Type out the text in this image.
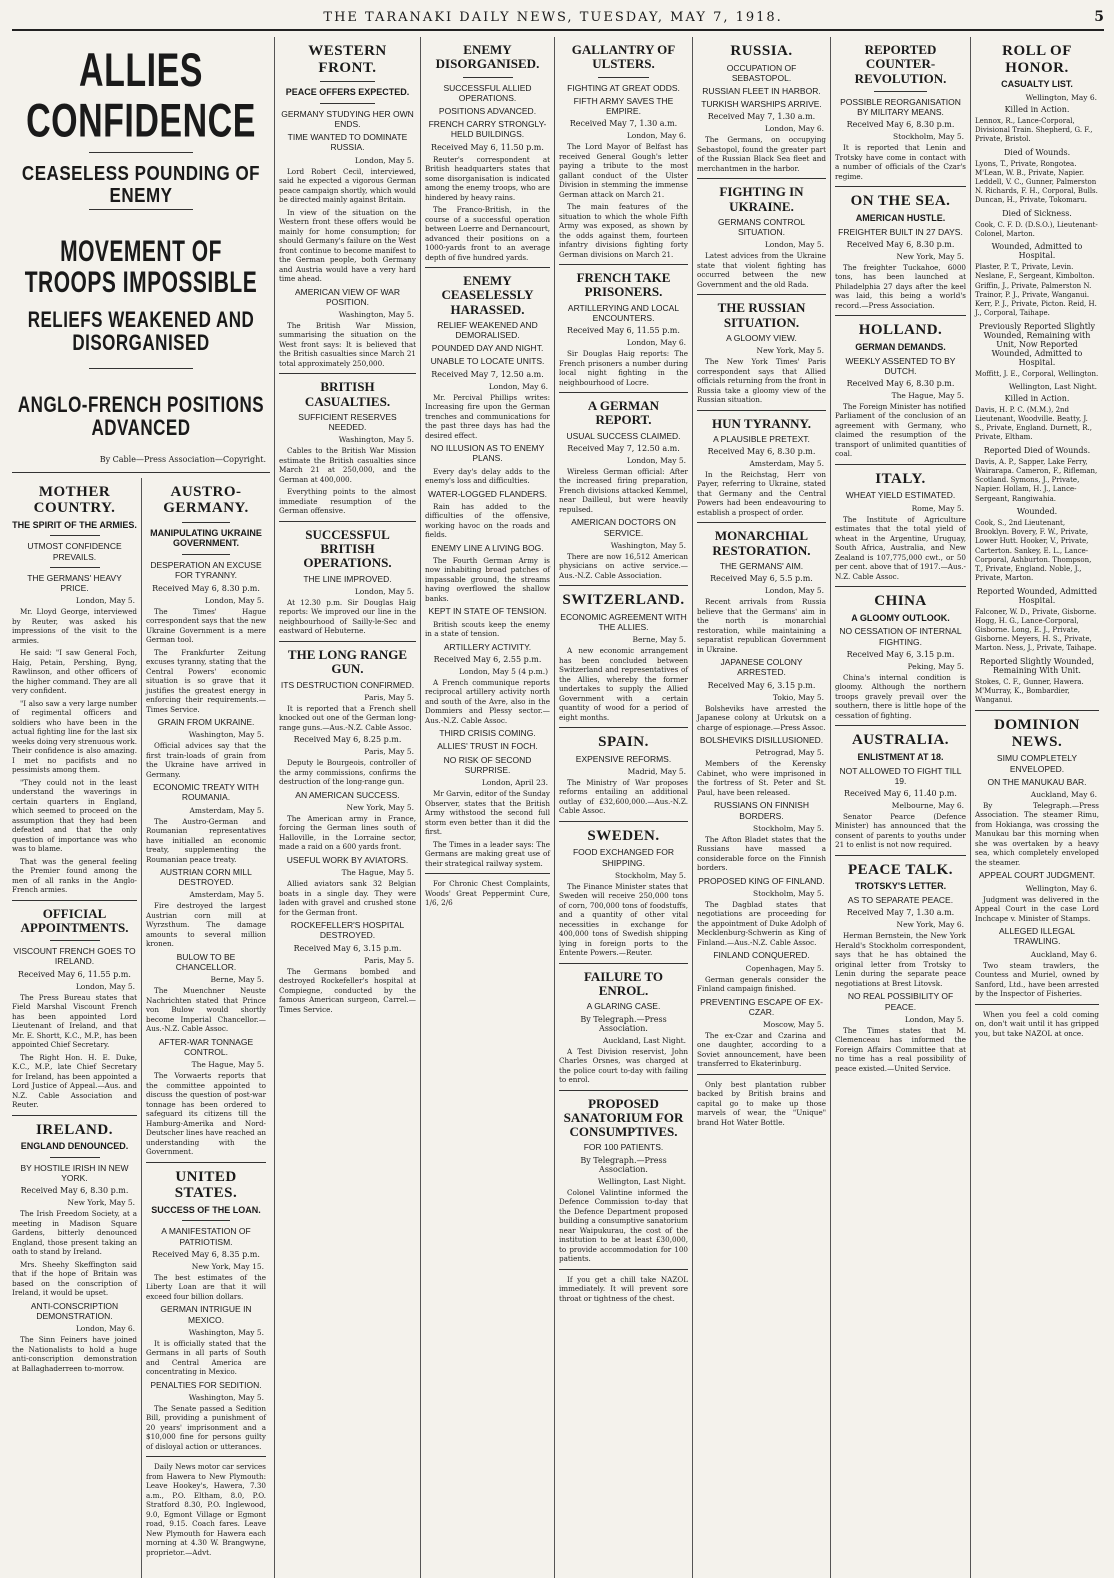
THE TARANAKI DAILY NEWS, TUESDAY, MAY 7, 1918.	5
ALLIES CONFIDENCE
CEASELESS POUNDING OF ENEMY
MOVEMENT OF TROOPS IMPOSSIBLE
RELIEFS WEAKENED AND DISORGANISED
ANGLO-FRENCH POSITIONS ADVANCED
By Cable—Press Association—Copyright.
MOTHER COUNTRY.
THE SPIRIT OF THE ARMIES.
UTMOST CONFIDENCE PREVAILS.
THE GERMANS' HEAVY PRICE.
London, May 5.

Mr. Lloyd George, interviewed by Reuter, was asked his impressions of the visit to the armies.

He said: "I saw General Foch, Haig, Petain, Pershing, Byng, Rawlinson, and other officers of the higher command. They are all very confident.

"I also saw a very large number of regimental officers and soldiers who have been in the actual fighting line for the last six weeks doing very strenuous work. Their confidence is also amazing. I met no pacifists and no pessimists among them.

"They could not in the least understand the waverings in certain quarters in England, which seemed to proceed on the assumption that they had been defeated and that the only question of importance was who was to blame.

That was the general feeling the Premier found among the men of all ranks in the Anglo-French armies.

OFFICIAL APPOINTMENTS.
VISCOUNT FRENCH GOES TO IRELAND.
Received May 6, 11.55 p.m.
London, May 5.

The Press Bureau states that Field Marshal Viscount French has been appointed Lord Lieutenant of Ireland, and that Mr. E. Shortt, K.C., M.P., has been appointed Chief Secretary.

The Right Hon. H. E. Duke, K.C., M.P., late Chief Secretary for Ireland, has been appointed a Lord Justice of Appeal.—Aus. and N.Z. Cable Association and Reuter.

IRELAND.
ENGLAND DENOUNCED.
BY HOSTILE IRISH IN NEW YORK.
Received May 6, 8.30 p.m.
New York, May 5.

The Irish Freedom Society, at a meeting in Madison Square Gardens, bitterly denounced England, those present taking an oath to stand by Ireland.

Mrs. Sheehy Skeffington said that if the hope of Britain was based on the conscription of Ireland, it would be upset.

ANTI-CONSCRIPTION DEMONSTRATION.
London, May 6.

The Sinn Feiners have joined the Nationalists to hold a huge anti-conscription demonstration at Ballaghaderreen to-morrow.

AUSTRO-GERMANY.
MANIPULATING UKRAINE GOVERNMENT.
DESPERATION AN EXCUSE FOR TYRANNY.
Received May 6, 8.30 p.m.
London, May 5.

The Times' Hague correspondent says that the new Ukraine Government is a mere German tool.

The Frankfurter Zeitung excuses tyranny, stating that the Central Powers' economic situation is so grave that it justifies the greatest energy in enforcing their requirements.—Times Service.

GRAIN FROM UKRAINE.
Washington, May 5.

Official advices say that the first train-loads of grain from the Ukraine have arrived in Germany.

ECONOMIC TREATY WITH ROUMANIA.
Amsterdam, May 5.

The Austro-German and Roumanian representatives have initialled an economic treaty, supplementing the Roumanian peace treaty.

AUSTRIAN CORN MILL DESTROYED.
Amsterdam, May 5.

Fire destroyed the largest Austrian corn mill at Wyrzsthum. The damage amounts to several million kronen.

BULOW TO BE CHANCELLOR.
Berne, May 5.

The Muenchner Neuste Nachrichten stated that Prince von Bulow would shortly become Imperial Chancellor.—Aus.-N.Z. Cable Assoc.

AFTER-WAR TONNAGE CONTROL.
The Hague, May 5.

The Vorwaerts reports that the committee appointed to discuss the question of post-war tonnage has been ordered to safeguard its citizens till the Hamburg-Amerika and Nord-Deutscher lines have reached an understanding with the Government.

UNITED STATES.
SUCCESS OF THE LOAN.
A MANIFESTATION OF PATRIOTISM.
Received May 6, 8.35 p.m.
New York, May 15.

The best estimates of the Liberty Loan are that it will exceed four billion dollars.

GERMAN INTRIGUE IN MEXICO.
Washington, May 5.

It is officially stated that the Germans in all parts of South and Central America are concentrating in Mexico.

PENALTIES FOR SEDITION.
Washington, May 5.

The Senate passed a Sedition Bill, providing a punishment of 20 years' imprisonment and a $10,000 fine for persons guilty of disloyal action or utterances.

Daily News motor car services from Hawera to New Plymouth: Leave Hookey's, Hawera, 7.30 a.m., P.O. Eltham, 8.0, P.O. Stratford 8.30, P.O. Inglewood, 9.0, Egmont Village or Egmont road, 9.15. Coach fares. Leave New Plymouth for Hawera each morning at 4.30 W. Brangwyne, proprietor.—Advt.

WESTERN FRONT.
PEACE OFFERS EXPECTED.
GERMANY STUDYING HER OWN ENDS.
TIME WANTED TO DOMINATE RUSSIA.
London, May 5.

Lord Robert Cecil, interviewed, said he expected a vigorous German peace campaign shortly, which would be directed mainly against Britain.

In view of the situation on the Western front these offers would be mainly for home consumption; for should Germany's failure on the West front continue to become manifest to the German people, both Germany and Austria would have a very hard time ahead.

AMERICAN VIEW OF WAR POSITION.
Washington, May 5.

The British War Mission, summarising the situation on the West front says: It is believed that the British casualties since March 21 total approximately 250,000.

BRITISH CASUALTIES.
SUFFICIENT RESERVES NEEDED.
Washington, May 5.

Cables to the British War Mission estimate the British casualties since March 21 at 250,000, and the German at 400,000.

Everything points to the almost immediate resumption of the German offensive.

SUCCESSFUL BRITISH OPERATIONS.
THE LINE IMPROVED.
London, May 5.

At 12.30 p.m. Sir Douglas Haig reports: We improved our line in the neighbourhood of Sailly-le-Sec and eastward of Hebuterne.

THE LONG RANGE GUN.
ITS DESTRUCTION CONFIRMED.
Paris, May 5.

It is reported that a French shell knocked out one of the German long-range guns.—Aus.-N.Z. Cable Assoc.

Received May 6, 8.25 p.m.
Paris, May 5.

Deputy le Bourgeois, controller of the army commissions, confirms the destruction of the long-range gun.

AN AMERICAN SUCCESS.
New York, May 5.

The American army in France, forcing the German lines south of Halloville, in the Lorraine sector, made a raid on a 600 yards front.

USEFUL WORK BY AVIATORS.
The Hague, May 5.

Allied aviators sank 32 Belgian boats in a single day. They were laden with gravel and crushed stone for the German front.

ROCKEFELLER'S HOSPITAL DESTROYED.
Received May 6, 3.15 p.m.
Paris, May 5.

The Germans bombed and destroyed Rockefeller's hospital at Compiegne, conducted by the famous American surgeon, Carrel.—Times Service.

ENEMY DISORGANISED.
SUCCESSFUL ALLIED OPERATIONS.
POSITIONS ADVANCED.
FRENCH CARRY STRONGLY-HELD BUILDINGS.
Received May 6, 11.50 p.m.

Reuter's correspondent at British headquarters states that some disorganisation is indicated among the enemy troops, who are hindered by heavy rains.

The Franco-British, in the course of a successful operation between Loerre and Dernancourt, advanced their positions on a 1000-yards front to an average depth of five hundred yards.

ENEMY CEASELESSLY HARASSED.
RELIEF WEAKENED AND DEMORALISED.
POUNDED DAY AND NIGHT.
UNABLE TO LOCATE UNITS.
Received May 7, 12.50 a.m.
London, May 6.

Mr. Percival Phillips writes: Increasing fire upon the German trenches and communications for the past three days has had the desired effect.

NO ILLUSION AS TO ENEMY PLANS.

Every day's delay adds to the enemy's loss and difficulties.

WATER-LOGGED FLANDERS.

Rain has added to the difficulties of the offensive, working havoc on the roads and fields.

ENEMY LINE A LIVING BOG.

The Fourth German Army is now inhabiting broad patches of impassable ground, the streams having overflowed the shallow banks.

KEPT IN STATE OF TENSION.

British scouts keep the enemy in a state of tension.

ARTILLERY ACTIVITY.
Received May 6, 2.55 p.m.
London, May 5 (4 p.m.)

A French communique reports reciprocal artillery activity north and south of the Avre, also in the Dommiers and Plessy sector.—Aus.-N.Z. Cable Assoc.

THIRD CRISIS COMING.
ALLIES' TRUST IN FOCH.
NO RISK OF SECOND SURPRISE.
London, April 23.

Mr Garvin, editor of the Sunday Observer, states that the British Army withstood the second full storm even better than it did the first.

The Times in a leader says: The Germans are making great use of their strategical railway system.

For Chronic Chest Complaints, Woods' Great Peppermint Cure, 1/6, 2/6

GALLANTRY OF ULSTERS.
FIGHTING AT GREAT ODDS.
FIFTH ARMY SAVES THE EMPIRE.
Received May 7, 1.30 a.m.
London, May 6.

The Lord Mayor of Belfast has received General Gough's letter paying a tribute to the most gallant conduct of the Ulster Division in stemming the immense German attack on March 21.

The main features of the situation to which the whole Fifth Army was exposed, as shown by the odds against them, fourteen infantry divisions fighting forty German divisions on March 21.

FRENCH TAKE PRISONERS.
ARTILLERYING AND LOCAL ENCOUNTERS.
Received May 6, 11.55 p.m.
London, May 6.

Sir Douglas Haig reports: The French prisoners a number during local night fighting in the neighbourhood of Locre.

A GERMAN REPORT.
USUAL SUCCESS CLAIMED.
Received May 7, 12.50 a.m.
London, May 5.

Wireless German official: After the increased firing preparation, French divisions attacked Kemmel, near Dailleul, but were heavily repulsed.

AMERICAN DOCTORS ON SERVICE.
Washington, May 5.

There are now 16,512 American physicians on active service.—Aus.-N.Z. Cable Association.

SWITZERLAND.
ECONOMIC AGREEMENT WITH THE ALLIES.
Berne, May 5.

A new economic arrangement has been concluded between Switzerland and representatives of the Allies, whereby the former undertakes to supply the Allied Government with a certain quantity of wood for a period of eight months.

SPAIN.
EXPENSIVE REFORMS.
Madrid, May 5.

The Ministry of War proposes reforms entailing an additional outlay of £32,600,000.—Aus.-N.Z. Cable Assoc.

SWEDEN.
FOOD EXCHANGED FOR SHIPPING.
Stockholm, May 5.

The Finance Minister states that Sweden will receive 250,000 tons of corn, 700,000 tons of foodstuffs, and a quantity of other vital necessities in exchange for 400,000 tons of Swedish shipping lying in foreign ports to the Entente Powers.—Reuter.

FAILURE TO ENROL.
A GLARING CASE.
By Telegraph.—Press Association.
Auckland, Last Night.

A Test Division reservist, John Charles Orsnes, was charged at the police court to-day with failing to enrol.

PROPOSED SANATORIUM FOR CONSUMPTIVES.
FOR 100 PATIENTS.
By Telegraph.—Press Association.
Wellington, Last Night.

Colonel Valintine informed the Defence Commission to-day that the Defence Department proposed building a consumptive sanatorium near Waipukurau, the cost of the institution to be at least £30,000, to provide accommodation for 100 patients.

If you get a chill take NAZOL immediately. It will prevent sore throat or tightness of the chest.

RUSSIA.
OCCUPATION OF SEBASTOPOL.
RUSSIAN FLEET IN HARBOR.
TURKISH WARSHIPS ARRIVE.
Received May 7, 1.30 a.m.
London, May 6.

The Germans, on occupying Sebastopol, found the greater part of the Russian Black Sea fleet and merchantmen in the harbor.

FIGHTING IN UKRAINE.
GERMANS CONTROL SITUATION.
London, May 5.

Latest advices from the Ukraine state that violent fighting has occurred between the new Government and the old Rada.

THE RUSSIAN SITUATION.
A GLOOMY VIEW.
New York, May 5.

The New York Times' Paris correspondent says that Allied officials returning from the front in Russia take a gloomy view of the Russian situation.

HUN TYRANNY.
A PLAUSIBLE PRETEXT.
Received May 6, 8.30 p.m.
Amsterdam, May 5.

In the Reichstag, Herr von Payer, referring to Ukraine, stated that Germany and the Central Powers had been endeavouring to establish a prospect of order.

MONARCHIAL RESTORATION.
THE GERMANS' AIM.
Received May 6, 5.5 p.m.
London, May 5.

Recent arrivals from Russia believe that the Germans' aim in the north is monarchial restoration, while maintaining a separatist republican Government in Ukraine.

JAPANESE COLONY ARRESTED.
Received May 6, 3.15 p.m.
Tokio, May 5.

Bolsheviks have arrested the Japanese colony at Urkutsk on a charge of espionage.—Press Assoc.

BOLSHEVIKS DISILLUSIONED.
Petrograd, May 5.

Members of the Kerensky Cabinet, who were imprisoned in the fortress of St. Peter and St. Paul, have been released.

RUSSIANS ON FINNISH BORDERS.
Stockholm, May 5.

The Afton Bladet states that the Russians have massed a considerable force on the Finnish borders.

PROPOSED KING OF FINLAND.
Stockholm, May 5.

The Dagblad states that negotiations are proceeding for the appointment of Duke Adolph of Mecklenburg-Schwerin as King of Finland.—Aus.-N.Z. Cable Assoc.

FINLAND CONQUERED.
Copenhagen, May 5.

German generals consider the Finland campaign finished.

PREVENTING ESCAPE OF EX-CZAR.
Moscow, May 5.

The ex-Czar and Czarina and one daughter, according to a Soviet announcement, have been transferred to Ekaterinburg.

Only best plantation rubber backed by British brains and capital go to make up those marvels of wear, the "Unique" brand Hot Water Bottle.

REPORTED COUNTER-REVOLUTION.
POSSIBLE REORGANISATION BY MILITARY MEANS.
Received May 6, 8.30 p.m.
Stockholm, May 5.

It is reported that Lenin and Trotsky have come in contact with a number of officials of the Czar's regime.

ON THE SEA.
AMERICAN HUSTLE.
FREIGHTER BUILT IN 27 DAYS.
Received May 6, 8.30 p.m.
New York, May 5.

The freighter Tuckahoe, 6000 tons, has been launched at Philadelphia 27 days after the keel was laid, this being a world's record.—Press Association.

HOLLAND.
GERMAN DEMANDS.
WEEKLY ASSENTED TO BY DUTCH.
Received May 6, 8.30 p.m.
The Hague, May 5.

The Foreign Minister has notified Parliament of the conclusion of an agreement with Germany, who claimed the resumption of the transport of unlimited quantities of coal.

ITALY.
WHEAT YIELD ESTIMATED.
Rome, May 5.

The Institute of Agriculture estimates that the total yield of wheat in the Argentine, Uruguay, South Africa, Australia, and New Zealand is 107,775,000 cwt., or 50 per cent. above that of 1917.—Aus.-N.Z. Cable Assoc.

CHINA
A GLOOMY OUTLOOK.
NO CESSATION OF INTERNAL FIGHTING.
Received May 6, 3.15 p.m.
Peking, May 5.

China's internal condition is gloomy. Although the northern troops gravely prevail over the southern, there is little hope of the cessation of fighting.

AUSTRALIA.
ENLISTMENT AT 18.
NOT ALLOWED TO FIGHT TILL 19.
Received May 6, 11.40 p.m.
Melbourne, May 6.

Senator Pearce (Defence Minister) has announced that the consent of parents to youths under 21 to enlist is not now required.

PEACE TALK.
TROTSKY'S LETTER.
AS TO SEPARATE PEACE.
Received May 7, 1.30 a.m.
New York, May 6.

Herman Bernstein, the New York Herald's Stockholm correspondent, says that he has obtained the original letter from Trotsky to Lenin during the separate peace negotiations at Brest Litovsk.

NO REAL POSSIBILITY OF PEACE.
London, May 5.

The Times states that M. Clemenceau has informed the Foreign Affairs Committee that at no time has a real possibility of peace existed.—United Service.

ROLL OF HONOR.
CASUALTY LIST.
Wellington, May 6.
Killed in Action.

Lennox, R., Lance-Corporal, Divisional Train. Shepherd, G. F., Private, Bristol.

Died of Wounds.

Lyons, T., Private, Rongotea. M'Lean, W. B., Private, Napier. Leddell, V. C., Gunner, Palmerston N. Richards, F. H., Corporal, Bulls. Duncan, H., Private, Tokomaru.

Died of Sickness.

Cook, C. F. D. (D.S.O.), Lieutenant-Colonel, Marton.

Wounded, Admitted to Hospital.

Plaster, P. T., Private, Levin. Neslane, F., Sergeant, Kimbolton. Griffin, J., Private, Palmerston N. Trainor, P. J., Private, Wanganui. Kerr, P. J., Private, Picton. Reid, H. J., Corporal, Taihape.

Previously Reported Slightly Wounded, Remaining with Unit, Now Reported Wounded, Admitted to Hospital.

Moffitt, J. E., Corporal, Wellington.

Wellington, Last Night.
Killed in Action.

Davis, H. P. C. (M.M.), 2nd Lieutenant, Woodville. Beatty, J. S., Private, England. Durnett, R., Private, Eltham.

Reported Died of Wounds.

Davis, A. P., Sapper, Lake Ferry, Wairarapa. Cameron, F., Rifleman, Scotland. Symons, J., Private, Napier. Hollam, H. J., Lance-Sergeant, Rangiwahia.

Wounded.

Cook, S., 2nd Lieutenant, Brooklyn. Bovery, F. W., Private, Lower Hutt. Hooker, V., Private, Carterton. Sankey, E. L., Lance-Corporal, Ashburton. Thompson, T., Private, England. Noble, J., Private, Marton.

Reported Wounded, Admitted Hospital.

Falconer, W. D., Private, Gisborne. Hogg, H. G., Lance-Corporal, Gisborne. Long, E. J., Private, Gisborne. Meyers, H. S., Private, Marton. Ness, J., Private, Taihape.

Reported Slightly Wounded, Remaining With Unit.

Stokes, C. F., Gunner, Hawera. M'Murray, K., Bombardier, Wanganui.

DOMINION NEWS.
SIMU COMPLETELY ENVELOPED.
ON THE MANUKAU BAR.
Auckland, May 6.

By Telegraph.—Press Association. The steamer Rimu, from Hokianga, was crossing the Manukau bar this morning when she was overtaken by a heavy sea, which completely enveloped the steamer.

APPEAL COURT JUDGMENT.
Wellington, May 6.

Judgment was delivered in the Appeal Court in the case Lord Inchcape v. Minister of Stamps.

ALLEGED ILLEGAL TRAWLING.
Auckland, May 6.

Two steam trawlers, the Countess and Muriel, owned by Sanford, Ltd., have been arrested by the Inspector of Fisheries.

When you feel a cold coming on, don't wait until it has gripped you, but take NAZOL at once.
